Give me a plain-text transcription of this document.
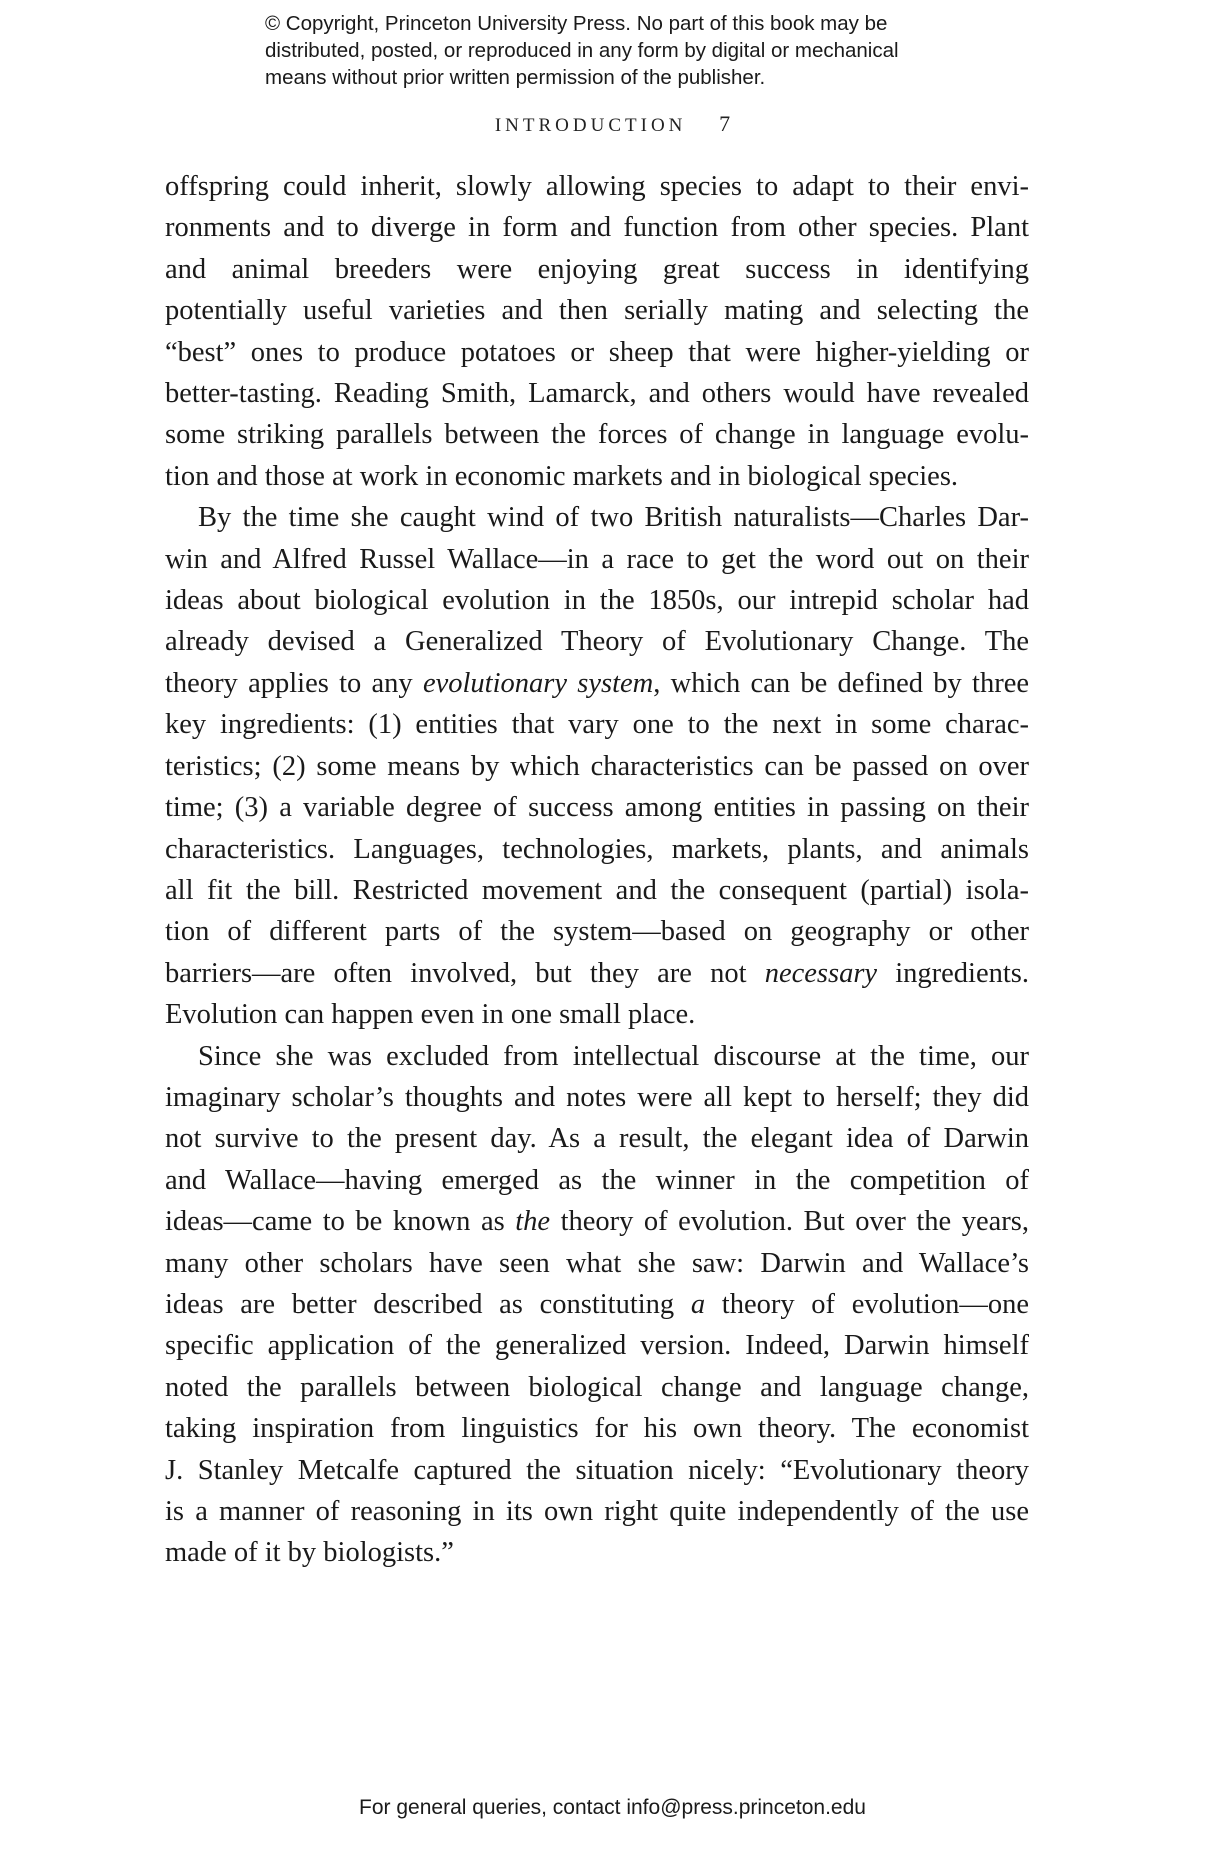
© Copyright, Princeton University Press. No part of this book may be
distributed, posted, or reproduced in any form by digital or mechanical
means without prior written permission of the publisher.
INTRODUCTION 7
offspring could inherit, slowly allowing species to adapt to their envi-
ronments and to diverge in form and function from other species. Plant
and animal breeders were enjoying great success in identifying
potentially useful varieties and then serially mating and selecting the
“best” ones to produce potatoes or sheep that were higher-yielding or
better-tasting. Reading Smith, Lamarck, and others would have revealed
some striking parallels between the forces of change in language evolu-
tion and those at work in economic markets and in biological species.
By the time she caught wind of two British naturalists—Charles Dar-
win and Alfred Russel Wallace—in a race to get the word out on their
ideas about biological evolution in the 1850s, our intrepid scholar had
already devised a Generalized Theory of Evolutionary Change. The
theory applies to any evolutionary system, which can be defined by three
key ingredients: (1) entities that vary one to the next in some charac-
teristics; (2) some means by which characteristics can be passed on over
time; (3) a variable degree of success among entities in passing on their
characteristics. Languages, technologies, markets, plants, and animals
all fit the bill. Restricted movement and the consequent (partial) isola-
tion of different parts of the system—based on geography or other
barriers—are often involved, but they are not necessary ingredients.
Evolution can happen even in one small place.
Since she was excluded from intellectual discourse at the time, our
imaginary scholar’s thoughts and notes were all kept to herself; they did
not survive to the present day. As a result, the elegant idea of Darwin
and Wallace—having emerged as the winner in the competition of
ideas—came to be known as the theory of evolution. But over the years,
many other scholars have seen what she saw: Darwin and Wallace’s
ideas are better described as constituting a theory of evolution—one
specific application of the generalized version. Indeed, Darwin himself
noted the parallels between biological change and language change,
taking inspiration from linguistics for his own theory. The economist
J. Stanley Metcalfe captured the situation nicely: “Evolutionary theory
is a manner of reasoning in its own right quite independently of the use
made of it by biologists.”
For general queries, contact info@press.princeton.edu
